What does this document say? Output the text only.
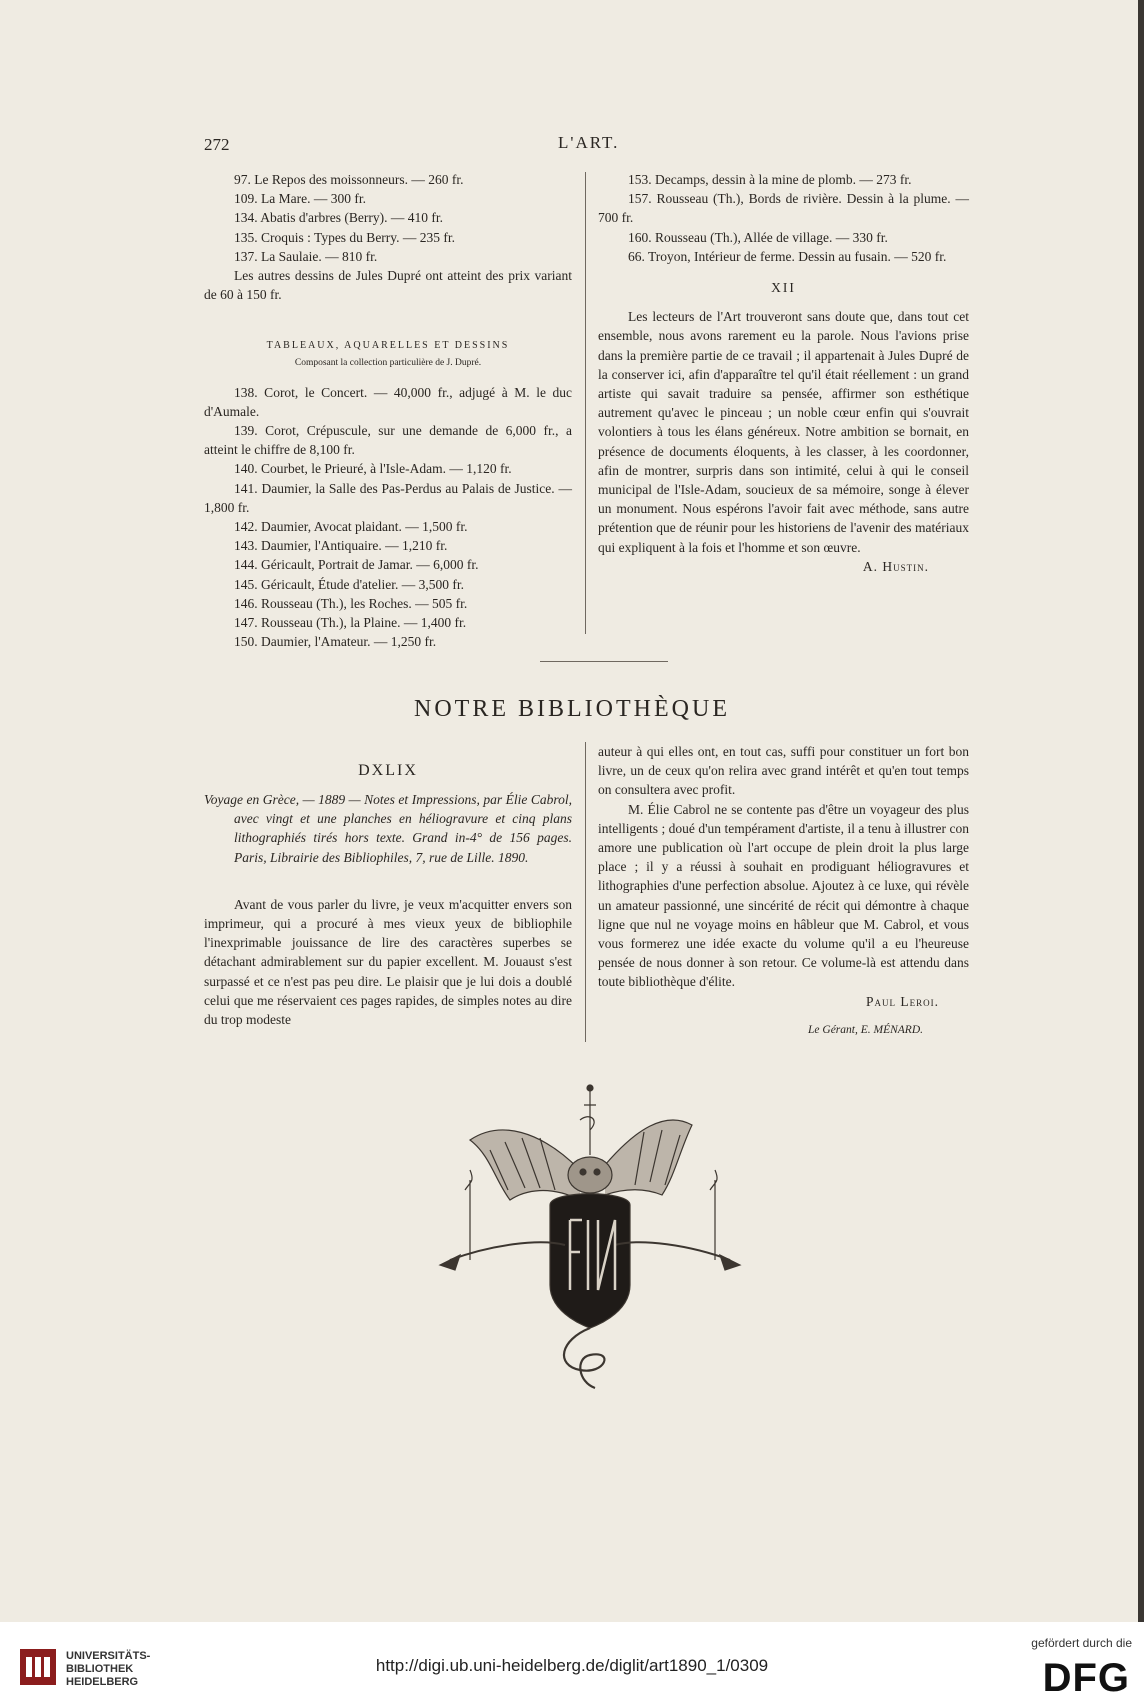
272	L'ART.

97. Le Repos des moissonneurs. — 260 fr.

109. La Mare. — 300 fr.

134. Abatis d'arbres (Berry). — 410 fr.

135. Croquis : Types du Berry. — 235 fr.

137. La Saulaie. — 810 fr.

Les autres dessins de Jules Dupré ont atteint des prix variant de 60 à 150 fr.

TABLEAUX, AQUARELLES ET DESSINS

Composant la collection particulière de J. Dupré.

138. Corot, le Concert. — 40,000 fr., adjugé à M. le duc d'Aumale.

139. Corot, Crépuscule, sur une demande de 6,000 fr., a atteint le chiffre de 8,100 fr.

140. Courbet, le Prieuré, à l'Isle-Adam. — 1,120 fr.

141. Daumier, la Salle des Pas-Perdus au Palais de Justice. — 1,800 fr.

142. Daumier, Avocat plaidant. — 1,500 fr.

143. Daumier, l'Antiquaire. — 1,210 fr.

144. Géricault, Portrait de Jamar. — 6,000 fr.

145. Géricault, Étude d'atelier. — 3,500 fr.

146. Rousseau (Th.), les Roches. — 505 fr.

147. Rousseau (Th.), la Plaine. — 1,400 fr.

150. Daumier, l'Amateur. — 1,250 fr.

153. Decamps, dessin à la mine de plomb. — 273 fr.

157. Rousseau (Th.), Bords de rivière. Dessin à la plume. — 700 fr.

160. Rousseau (Th.), Allée de village. — 330 fr.

66. Troyon, Intérieur de ferme. Dessin au fusain. — 520 fr.

XII

Les lecteurs de l'Art trouveront sans doute que, dans tout cet ensemble, nous avons rarement eu la parole. Nous l'avions prise dans la première partie de ce travail ; il appartenait à Jules Dupré de la conserver ici, afin d'apparaître tel qu'il était réellement : un grand artiste qui savait traduire sa pensée, affirmer son esthétique autrement qu'avec le pinceau ; un noble cœur enfin qui s'ouvrait volontiers à tous les élans généreux. Notre ambition se bornait, en présence de documents éloquents, à les classer, à les coordonner, afin de montrer, surpris dans son intimité, celui à qui le conseil municipal de l'Isle-Adam, soucieux de sa mémoire, songe à élever un monument. Nous espérons l'avoir fait avec méthode, sans autre prétention que de réunir pour les historiens de l'avenir des matériaux qui expliquent à la fois et l'homme et son œuvre.

A. Hustin.

NOTRE BIBLIOTHÈQUE

DXLIX

Voyage en Grèce, — 1889 — Notes et Impressions, par Élie Cabrol, avec vingt et une planches en héliogravure et cinq plans lithographiés tirés hors texte. Grand in-4° de 156 pages. Paris, Librairie des Bibliophiles, 7, rue de Lille. 1890.

Avant de vous parler du livre, je veux m'acquitter envers son imprimeur, qui a procuré à mes vieux yeux de bibliophile l'inexprimable jouissance de lire des caractères superbes se détachant admirablement sur du papier excellent. M. Jouaust s'est surpassé et ce n'est pas peu dire. Le plaisir que je lui dois a doublé celui que me réservaient ces pages rapides, de simples notes au dire du trop modeste

auteur à qui elles ont, en tout cas, suffi pour constituer un fort bon livre, un de ceux qu'on relira avec grand intérêt et qu'en tout temps on consultera avec profit.

M. Élie Cabrol ne se contente pas d'être un voyageur des plus intelligents ; doué d'un tempérament d'artiste, il a tenu à illustrer con amore une publication où l'art occupe de plein droit la plus large place ; il y a réussi à souhait en prodiguant héliogravures et lithographies d'une perfection absolue. Ajoutez à ce luxe, qui révèle un amateur passionné, une sincérité de récit qui démontre à chaque ligne que nul ne voyage moins en hâbleur que M. Cabrol, et vous vous formerez une idée exacte du volume qu'il a eu l'heureuse pensée de nous donner à son retour. Ce volume-là est attendu dans toute bibliothèque d'élite.

Paul Leroi.

Le Gérant, E. MÉNARD.

UNIVERSITÄTS-
BIBLIOTHEK
HEIDELBERG
http://digi.ub.uni-heidelberg.de/diglit/art1890_1/0309
gefördert durch die
DFG
